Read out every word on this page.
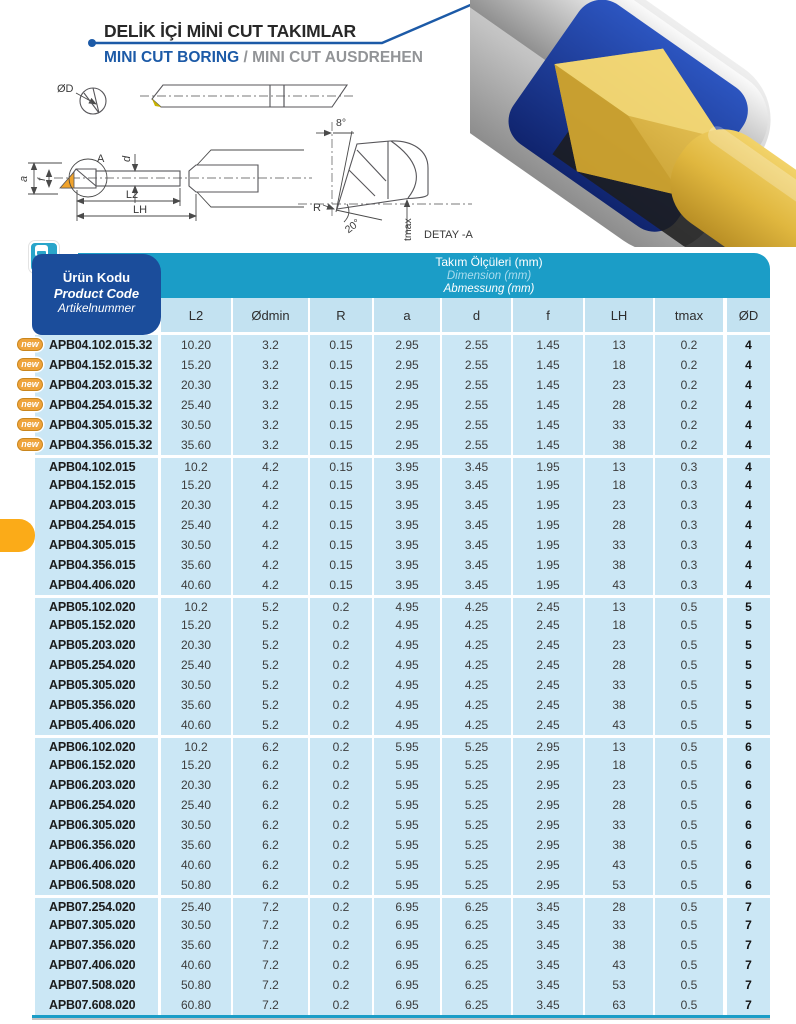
DELİK İÇİ MİNİ CUT TAKIMLAR
MINI CUT BORING / MINI CUT AUSDREHEN
ØD
a f
A d
L2
LH
8°
R
20°	tmax DETAY -A
Takım Ölçüleri (mm)
Dimension (mm)
Abmessung (mm)
Ürün Kodu
Product Code
Artikelnummer
		L2	Ødmin	R	a	d	f	LH	tmax	ØD

new APB04.102.015.32	10.20	3.2	0.15	2.95	2.55	1.45	13	0.2	4

new APB04.152.015.32	15.20	3.2	0.15	2.95	2.55	1.45	18	0.2	4

new APB04.203.015.32	20.30	3.2	0.15	2.95	2.55	1.45	23	0.2	4

new APB04.254.015.32	25.40	3.2	0.15	2.95	2.55	1.45	28	0.2	4

new APB04.305.015.32	30.50	3.2	0.15	2.95	2.55	1.45	33	0.2	4

new APB04.356.015.32	35.60	3.2	0.15	2.95	2.55	1.45	38	0.2	4
APB04.102.015	10.2	4.2	0.15	3.95	3.45	1.95	13	0.3	4
APB04.152.015	15.20	4.2	0.15	3.95	3.45	1.95	18	0.3	4
APB04.203.015	20.30	4.2	0.15	3.95	3.45	1.95	23	0.3	4
APB04.254.015	25.40	4.2	0.15	3.95	3.45	1.95	28	0.3	4
APB04.305.015	30.50	4.2	0.15	3.95	3.45	1.95	33	0.3	4
APB04.356.015	35.60	4.2	0.15	3.95	3.45	1.95	38	0.3	4
APB04.406.020	40.60	4.2	0.15	3.95	3.45	1.95	43	0.3	4
APB05.102.020	10.2	5.2	0.2	4.95	4.25	2.45	13	0.5	5
APB05.152.020	15.20	5.2	0.2	4.95	4.25	2.45	18	0.5	5
APB05.203.020	20.30	5.2	0.2	4.95	4.25	2.45	23	0.5	5
APB05.254.020	25.40	5.2	0.2	4.95	4.25	2.45	28	0.5	5
APB05.305.020	30.50	5.2	0.2	4.95	4.25	2.45	33	0.5	5
APB05.356.020	35.60	5.2	0.2	4.95	4.25	2.45	38	0.5	5
APB05.406.020	40.60	5.2	0.2	4.95	4.25	2.45	43	0.5	5
APB06.102.020	10.2	6.2	0.2	5.95	5.25	2.95	13	0.5	6
APB06.152.020	15.20	6.2	0.2	5.95	5.25	2.95	18	0.5	6
APB06.203.020	20.30	6.2	0.2	5.95	5.25	2.95	23	0.5	6
APB06.254.020	25.40	6.2	0.2	5.95	5.25	2.95	28	0.5	6
APB06.305.020	30.50	6.2	0.2	5.95	5.25	2.95	33	0.5	6
APB06.356.020	35.60	6.2	0.2	5.95	5.25	2.95	38	0.5	6
APB06.406.020	40.60	6.2	0.2	5.95	5.25	2.95	43	0.5	6
APB06.508.020	50.80	6.2	0.2	5.95	5.25	2.95	53	0.5	6
APB07.254.020	25.40	7.2	0.2	6.95	6.25	3.45	28	0.5	7
APB07.305.020	30.50	7.2	0.2	6.95	6.25	3.45	33	0.5	7
APB07.356.020	35.60	7.2	0.2	6.95	6.25	3.45	38	0.5	7
APB07.406.020	40.60	7.2	0.2	6.95	6.25	3.45	43	0.5	7
APB07.508.020	50.80	7.2	0.2	6.95	6.25	3.45	53	0.5	7
APB07.608.020	60.80	7.2	0.2	6.95	6.25	3.45	63	0.5	7
